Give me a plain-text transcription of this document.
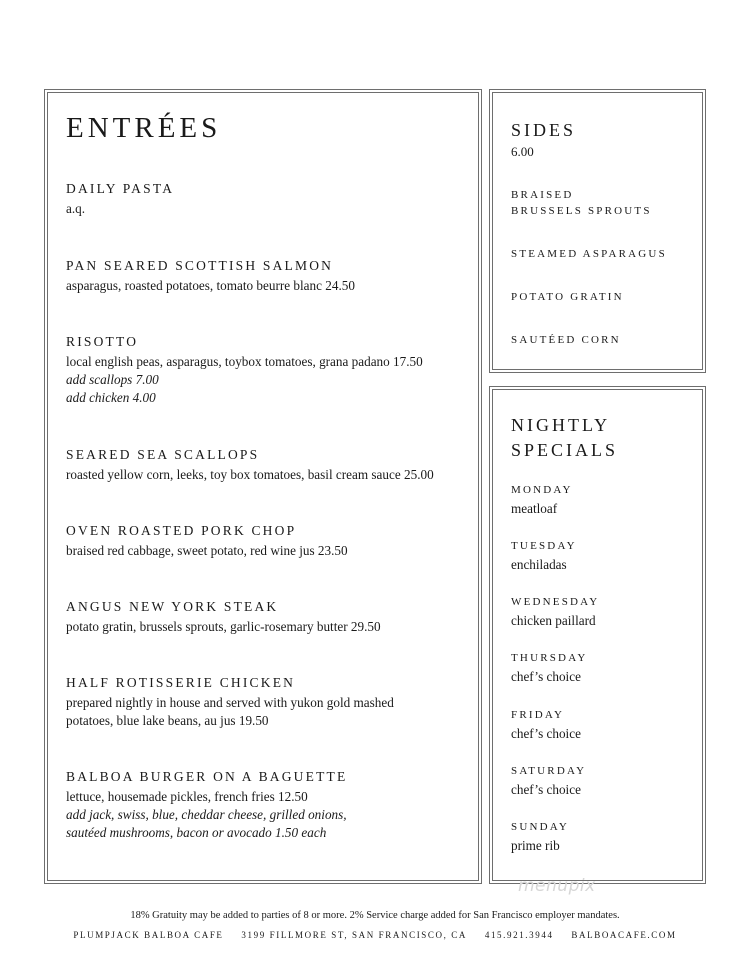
ENTRÉES
DAILY PASTA
a.q.
PAN SEARED SCOTTISH SALMON
asparagus, roasted potatoes, tomato beurre blanc 24.50
RISOTTO
local english peas, asparagus, toybox tomatoes, grana padano 17.50
add scallops 7.00
add chicken 4.00
SEARED SEA SCALLOPS
roasted yellow corn, leeks, toy box tomatoes, basil cream sauce 25.00
OVEN ROASTED PORK CHOP
braised red cabbage, sweet potato, red wine jus 23.50
ANGUS NEW YORK STEAK
potato gratin, brussels sprouts, garlic-rosemary butter 29.50
HALF ROTISSERIE CHICKEN
prepared nightly in house and served with yukon gold mashed
potatoes, blue lake beans, au jus 19.50
BALBOA BURGER ON A BAGUETTE
lettuce, housemade pickles, french fries 12.50
add jack, swiss, blue, cheddar cheese, grilled onions,
sautéed mushrooms, bacon or avocado 1.50 each
SIDES
6.00
BRAISED
BRUSSELS SPROUTS
STEAMED ASPARAGUS
POTATO GRATIN
SAUTÉED CORN
NIGHTLY
SPECIALS
MONDAY
meatloaf
TUESDAY
enchiladas
WEDNESDAY
chicken paillard
THURSDAY
chef’s choice
FRIDAY
chef’s choice
SATURDAY
chef’s choice
SUNDAY
prime rib
menupix
18% Gratuity may be added to parties of 8 or more. 2% Service charge added for San Francisco employer mandates.
PLUMPJACK BALBOA CAFE 3199 FILLMORE ST, SAN FRANCISCO, CA 415.921.3944 BALBOACAFE.COM
